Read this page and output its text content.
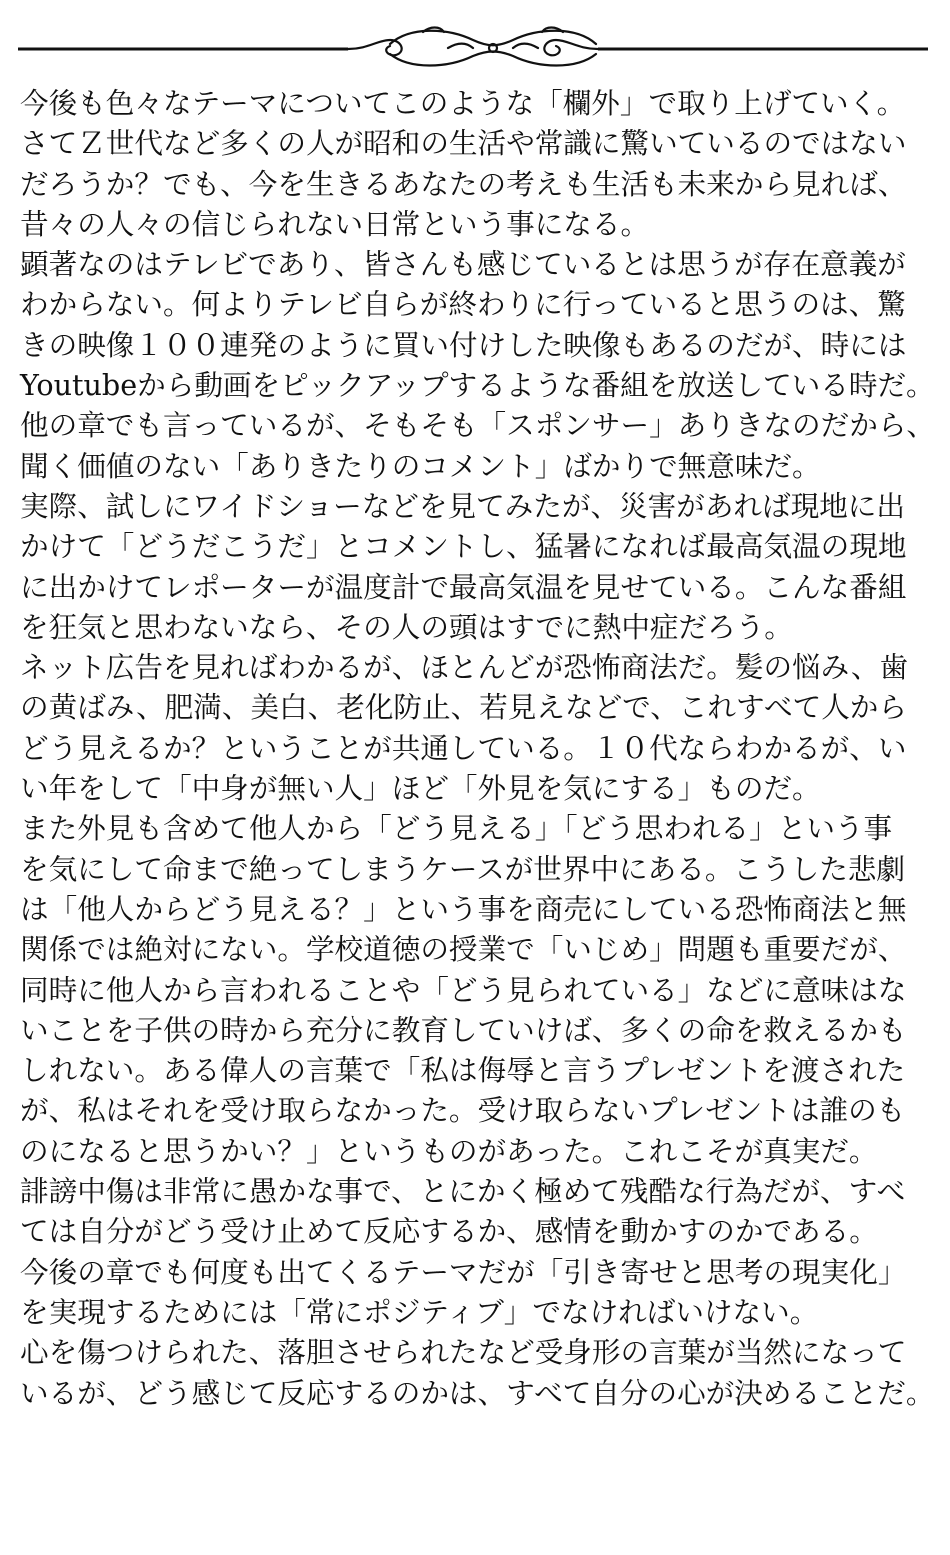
今後も色々なテーマについてこのような「欄外」で取り上げていく。
さてＺ世代など多くの人が昭和の生活や常識に驚いているのではない
だろうか？でも、今を生きるあなたの考えも生活も未来から見れば、
昔々の人々の信じられない日常という事になる。
顕著なのはテレビであり、皆さんも感じているとは思うが存在意義が
わからない。何よりテレビ自らが終わりに行っていると思うのは、驚
きの映像１００連発のように買い付けした映像もあるのだが、時には
Youtubeから動画をピックアップするような番組を放送している時だ。
他の章でも言っているが、そもそも「スポンサー」ありきなのだから、
聞く価値のない「ありきたりのコメント」ばかりで無意味だ。
実際、試しにワイドショーなどを見てみたが、災害があれば現地に出
かけて「どうだこうだ」とコメントし、猛暑になれば最高気温の現地
に出かけてレポーターが温度計で最高気温を見せている。こんな番組
を狂気と思わないなら、その人の頭はすでに熱中症だろう。
ネット広告を見ればわかるが、ほとんどが恐怖商法だ。髪の悩み、歯
の黄ばみ、肥満、美白、老化防止、若見えなどで、これすべて人から
どう見えるか？ということが共通している。１０代ならわかるが、い
い年をして「中身が無い人」ほど「外見を気にする」ものだ。
また外見も含めて他人から「どう見える」「どう思われる」という事
を気にして命まで絶ってしまうケースが世界中にある。こうした悲劇
は「他人からどう見える？」という事を商売にしている恐怖商法と無
関係では絶対にない。学校道徳の授業で「いじめ」問題も重要だが、
同時に他人から言われることや「どう見られている」などに意味はな
いことを子供の時から充分に教育していけば、多くの命を救えるかも
しれない。ある偉人の言葉で「私は侮辱と言うプレゼントを渡された
が、私はそれを受け取らなかった。受け取らないプレゼントは誰のも
のになると思うかい？」というものがあった。これこそが真実だ。
誹謗中傷は非常に愚かな事で、とにかく極めて残酷な行為だが、すべ
ては自分がどう受け止めて反応するか、感情を動かすのかである。
今後の章でも何度も出てくるテーマだが「引き寄せと思考の現実化」
を実現するためには「常にポジティブ」でなければいけない。
心を傷つけられた、落胆させられたなど受身形の言葉が当然になって
いるが、どう感じて反応するのかは、すべて自分の心が決めることだ。
